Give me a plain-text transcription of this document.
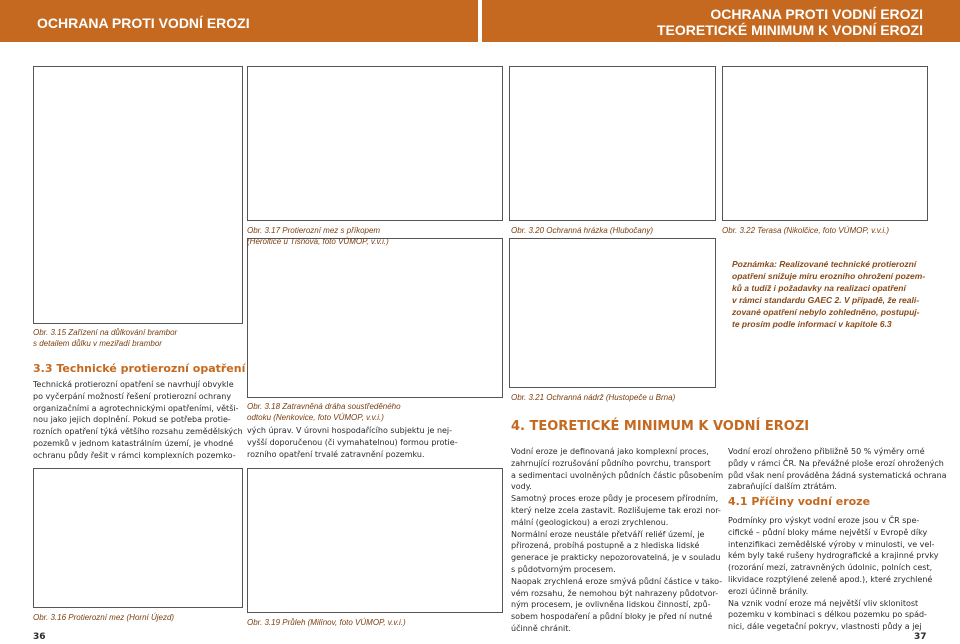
OCHRANA PROTI VODNÍ EROZI
OCHRANA PROTI VODNÍ EROZI
TEORETICKÉ MINIMUM K VODNÍ EROZI
Obr. 3.17 Protierozní mez s příkopem
(Heroltice u Tišnova, foto VÚMOP, v.v.i.)
Obr. 3.20 Ochranná hrázka (Hlubočany)	Obr. 3.22 Terasa (Nikolčice, foto VÚMOP, v.v.i.)
Obr. 3.15 Zařízení na důlkování brambor
s detailem důlku v meziřadí brambor
Obr. 3.18 Zatravněná dráha soustředěného
odtoku (Nenkovice, foto VÚMOP, v.v.i.)
Obr. 3.21 Ochranná nádrž (Hustopeče u Brna)
Obr. 3.16 Protierozní mez (Horní Újezd)
Obr. 3.19 Průleh (Milínov, foto VÚMOP, v.v.i.)
Poznámka: Realizované technické protierozní
opatření snižuje míru erozního ohrožení pozem-
ků a tudíž i požadavky na realizaci opatření
v rámci standardu GAEC 2. V případě, že reali-
zované opatření nebylo zohledněno, postupuj-
te prosím podle informací v kapitole 6.3
3.3 Technické protierozní opatření
Technická protierozní opatření se navrhují obvykle
po vyčerpání možností řešení protierozní ochrany
organizačními a agrotechnickými opatřeními, větši-
nou jako jejich doplnění. Pokud se potřeba protie-
rozních opatření týká většího rozsahu zemědělských
pozemků v jednom katastrálním území, je vhodné
ochranu půdy řešit v rámci komplexních pozemko-
vých úprav. V úrovni hospodařícího subjektu je nej-
vyšší doporučenou (či vymahatelnou) formou protie-
rozního opatření trvalé zatravnění pozemku.
4. TEORETICKÉ MINIMUM K VODNÍ EROZI
Vodní eroze je definovaná jako komplexní proces,
zahrnující rozrušování půdního povrchu, transport
a sedimentaci uvolněných půdních částic působením
vody.
Samotný proces eroze půdy je procesem přírodním,
který nelze zcela zastavit. Rozlišujeme tak erozi nor-
mální (geologickou) a erozi zrychlenou.
Normální eroze neustále přetváří reliéf území, je
přirozená, probíhá postupně a z hlediska lidské
generace je prakticky nepozorovatelná, je v souladu
s půdotvorným procesem.
Naopak zrychlená eroze smývá půdní částice v tako-
vém rozsahu, že nemohou být nahrazeny půdotvor-
ným procesem, je ovlivněna lidskou činností, způ-
sobem hospodaření a půdní bloky je před ní nutné
účinně chránit.
Vodní erozí ohroženo přibližně 50 % výměry orné
půdy v rámci ČR. Na převážné ploše erozí ohrožených
půd však není prováděna žádná systematická ochrana
zabraňující dalším ztrátám.
4.1 Příčiny vodní eroze
Podmínky pro výskyt vodní eroze jsou v ČR spe-
cifické – půdní bloky máme největší v Evropě díky
intenzifikaci zemědělské výroby v minulosti, ve vel-
kém byly také rušeny hydrografické a krajinné prvky
(rozorání mezí, zatravněných údolnic, polních cest,
likvidace rozptýlené zeleně apod.), které zrychlené
erozi účinně bránily.
Na vznik vodní eroze má největší vliv sklonitost
pozemku v kombinaci s délkou pozemku po spád-
nici, dále vegetační pokryv, vlastnosti půdy a jej
36	37
